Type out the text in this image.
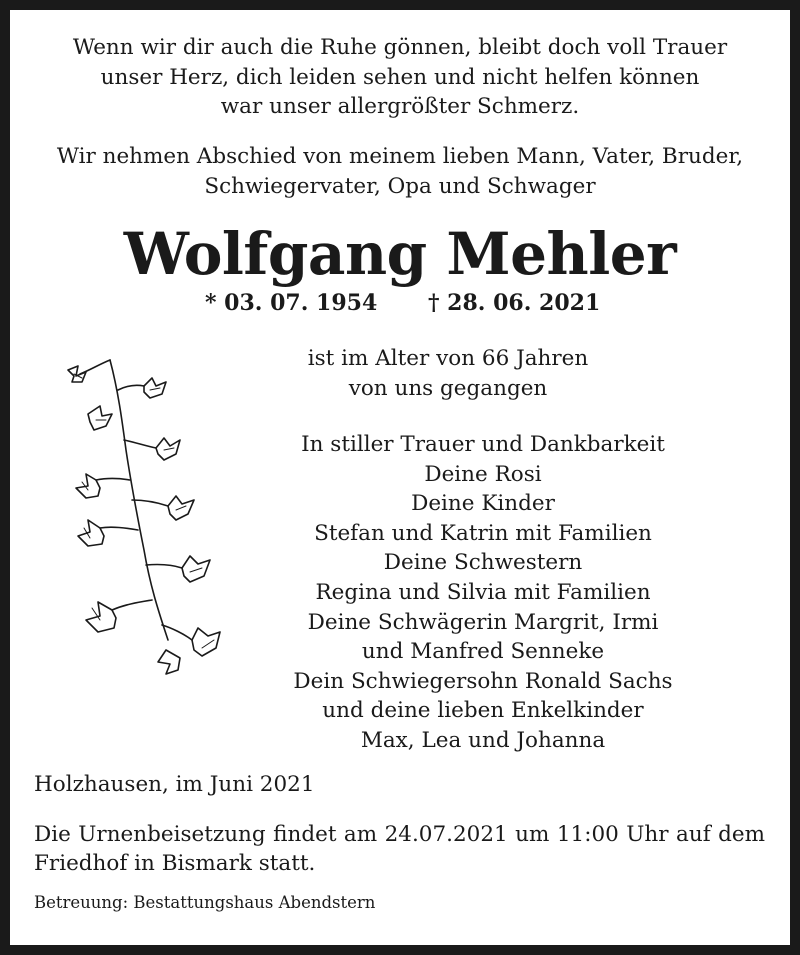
Wenn wir dir auch die Ruhe gönnen, bleibt doch voll Trauer
unser Herz, dich leiden sehen und nicht helfen können
war unser allergrößter Schmerz.
Wir nehmen Abschied von meinem lieben Mann, Vater, Bruder,
Schwiegervater, Opa und Schwager
Wolfgang Mehler
* 03. 07. 1954 † 28. 06. 2021
ist im Alter von 66 Jahren
von uns gegangen
In stiller Trauer und Dankbarkeit
Deine Rosi
Deine Kinder
Stefan und Katrin mit Familien
Deine Schwestern
Regina und Silvia mit Familien
Deine Schwägerin Margrit, Irmi
und Manfred Senneke
Dein Schwiegersohn Ronald Sachs
und deine lieben Enkelkinder
Max, Lea und Johanna
Holzhausen, im Juni 2021
Die Urnenbeisetzung findet am 24.07.2021 um 11:00 Uhr auf dem Friedhof in Bismark statt.
Betreuung: Bestattungshaus Abendstern
